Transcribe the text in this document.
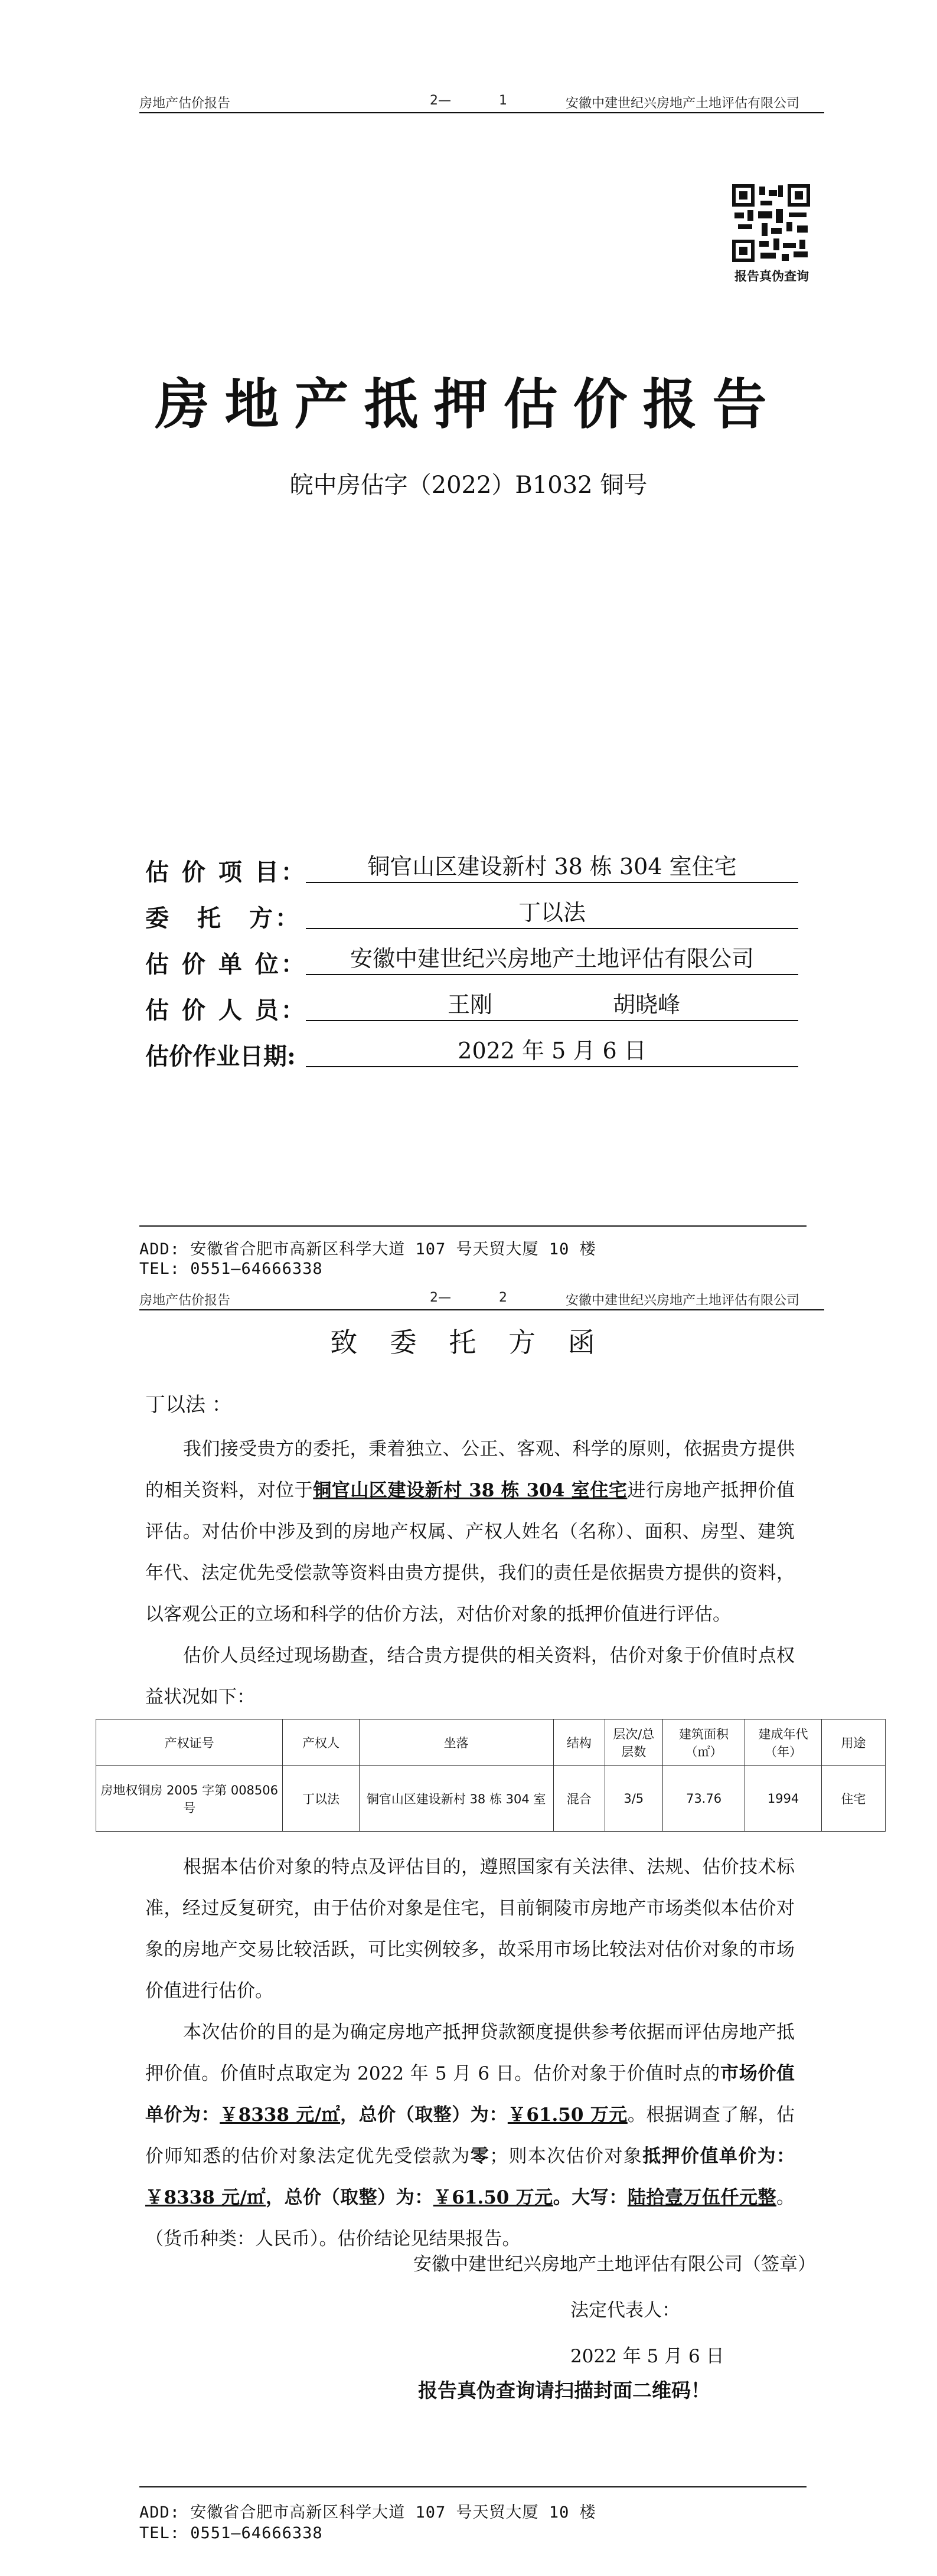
房地产估价报告	2—	1	安徽中建世纪兴房地产土地评估有限公司
报告真伪查询
房地产抵押估价报告
皖中房估字（2022）B1032 铜号
估 价 项 目：	铜官山区建设新村 38 栋 304 室住宅
委　托　方：	丁以法
估 价 单 位：	安徽中建世纪兴房地产土地评估有限公司
估 价 人 员：	王刚	胡晓峰
估价作业日期:	2022 年 5 月 6 日
ADD: 安徽省合肥市高新区科学大道 107 号天贸大厦 10 楼
TEL: 0551—64666338
房地产估价报告	2—	2	安徽中建世纪兴房地产土地评估有限公司
致 委 托 方 函
丁以法 ：
我们接受贵方的委托，秉着独立、公正、客观、科学的原则，依据贵方提供的相关资料，对位于铜官山区建设新村 38 栋 304 室住宅进行房地产抵押价值评估。对估价中涉及到的房地产权属、产权人姓名（名称）、面积、房型、建筑年代、法定优先受偿款等资料由贵方提供，我们的责任是依据贵方提供的资料，以客观公正的立场和科学的估价方法，对估价对象的抵押价值进行评估。
估价人员经过现场勘查，结合贵方提供的相关资料，估价对象于价值时点权益状况如下：
产权证号	产权人	坐落	结构	层次/总层数	建筑面积（㎡）	建成年代（年）	用途
房地权铜房 2005 字第 008506 号	丁以法	铜官山区建设新村 38 栋 304 室	混合	3/5	73.76	1994	住宅
根据本估价对象的特点及评估目的，遵照国家有关法律、法规、估价技术标准，经过反复研究，由于估价对象是住宅，目前铜陵市房地产市场类似本估价对象的房地产交易比较活跃，可比实例较多，故采用市场比较法对估价对象的市场价值进行估价。
本次估价的目的是为确定房地产抵押贷款额度提供参考依据而评估房地产抵押价值。价值时点取定为 2022 年 5 月 6 日。估价对象于价值时点的市场价值单价为：￥8338 元/㎡，总价（取整）为：￥61.50 万元。根据调查了解，估价师知悉的估价对象法定优先受偿款为零；则本次估价对象抵押价值单价为：￥8338 元/㎡，总价（取整）为：￥61.50 万元。大写：陆拾壹万伍仟元整。（货币种类：人民币）。估价结论见结果报告。
安徽中建世纪兴房地产土地评估有限公司（签章）
法定代表人：
2022 年 5 月 6 日
报告真伪查询请扫描封面二维码！
ADD: 安徽省合肥市高新区科学大道 107 号天贸大厦 10 楼
TEL: 0551—64666338
